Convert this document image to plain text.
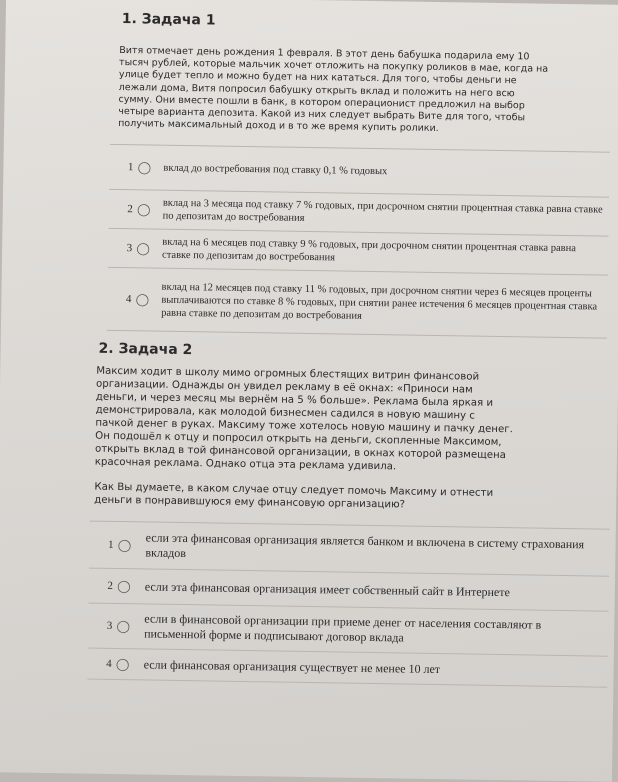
1. Задача 1
Витя отмечает день рождения 1 февраля. В этот день бабушка подарила ему 10 тысяч рублей, которые мальчик хочет отложить на покупку роликов в мае, когда на улице будет тепло и можно будет на них кататься. Для того, чтобы деньги не лежали дома, Витя попросил бабушку открыть вклад и положить на него всю сумму. Они вместе пошли в банк, в котором операционист предложил на выбор четыре варианта депозита. Какой из них следует выбрать Вите для того, чтобы получить максимальный доход и в то же время купить ролики.
1 ◯	вклад до востребования под ставку 0,1 % годовых
2 ◯	вклад на 3 месяца под ставку 7 % годовых, при досрочном снятии процентная ставка равна ставке по депозитам до востребования
3 ◯	вклад на 6 месяцев под ставку 9 % годовых, при досрочном снятии процентная ставка равна ставке по депозитам до востребования
4 ◯	вклад на 12 месяцев под ставку 11 % годовых, при досрочном снятии через 6 месяцев проценты выплачиваются по ставке 8 % годовых, при снятии ранее истечения 6 месяцев процентная ставка равна ставке по депозитам до востребования
2. Задача 2
Максим ходит в школу мимо огромных блестящих витрин финансовой организации. Однажды он увидел рекламу в её окнах: «Приноси нам деньги, и через месяц мы вернём на 5 % больше». Реклама была яркая и демонстрировала, как молодой бизнесмен садился в новую машину с пачкой денег в руках. Максиму тоже хотелось новую машину и пачку денег. Он подошёл к отцу и попросил открыть на деньги, скопленные Максимом, открыть вклад в той финансовой организации, в окнах которой размещена красочная реклама. Однако отца эта реклама удивила.
Как Вы думаете, в каком случае отцу следует помочь Максиму и отнести деньги в понравившуюся ему финансовую организацию?
1 ◯	если эта финансовая организация является банком и включена в систему страхования вкладов
2 ◯	если эта финансовая организация имеет собственный сайт в Интернете
3 ◯	если в финансовой организации при приеме денег от населения составляют в письменной форме и подписывают договор вклада
4 ◯	если финансовая организация существует не менее 10 лет
